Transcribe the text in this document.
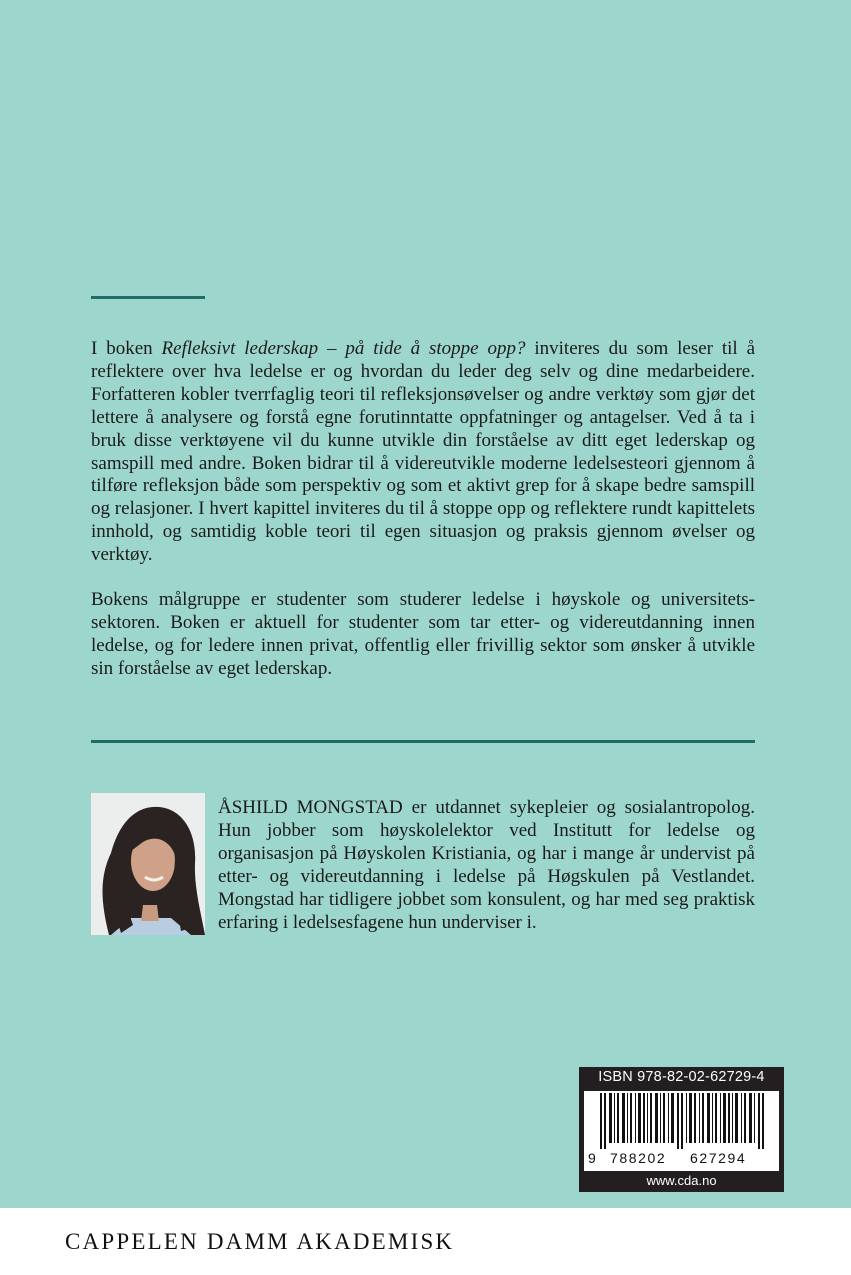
I boken Refleksivt lederskap – på tide å stoppe opp? inviteres du som leser til å reflektere over hva ledelse er og hvordan du leder deg selv og dine medarbeidere. Forfatteren kobler tverrfaglig teori til refleksjonsøvelser og andre verktøy som gjør det lettere å analysere og forstå egne forutinntatte oppfatninger og antagelser. Ved å ta i bruk disse verktøyene vil du kunne utvikle din forståelse av ditt eget lederskap og samspill med andre. Boken bidrar til å videreutvikle moderne ledelsesteori gjennom å tilføre refleksjon både som perspektiv og som et aktivt grep for å skape bedre samspill og relasjoner. I hvert kapittel inviteres du til å stoppe opp og reflektere rundt kapittelets innhold, og samtidig koble teori til egen situasjon og praksis gjennom øvelser og verktøy.

Bokens målgruppe er studenter som studerer ledelse i høyskole og universitetssektoren. Boken er aktuell for studenter som tar etter- og videreutdanning innen ledelse, og for ledere innen privat, offentlig eller frivillig sektor som ønsker å utvikle sin forståelse av eget lederskap.

ÅSHILD MONGSTAD er utdannet sykepleier og sosialantropolog. Hun jobber som høyskolelektor ved Institutt for ledelse og organisasjon på Høyskolen Kristiania, og har i mange år undervist på etter- og videreutdanning i ledelse på Høgskulen på Vestlandet. Mongstad har tidligere jobbet som konsulent, og har med seg praktisk erfaring i ledelsesfagene hun underviser i.

ISBN 978-82-02-62729-4
9 788202 627294
www.cda.no
CAPPELEN DAMM AKADEMISK
